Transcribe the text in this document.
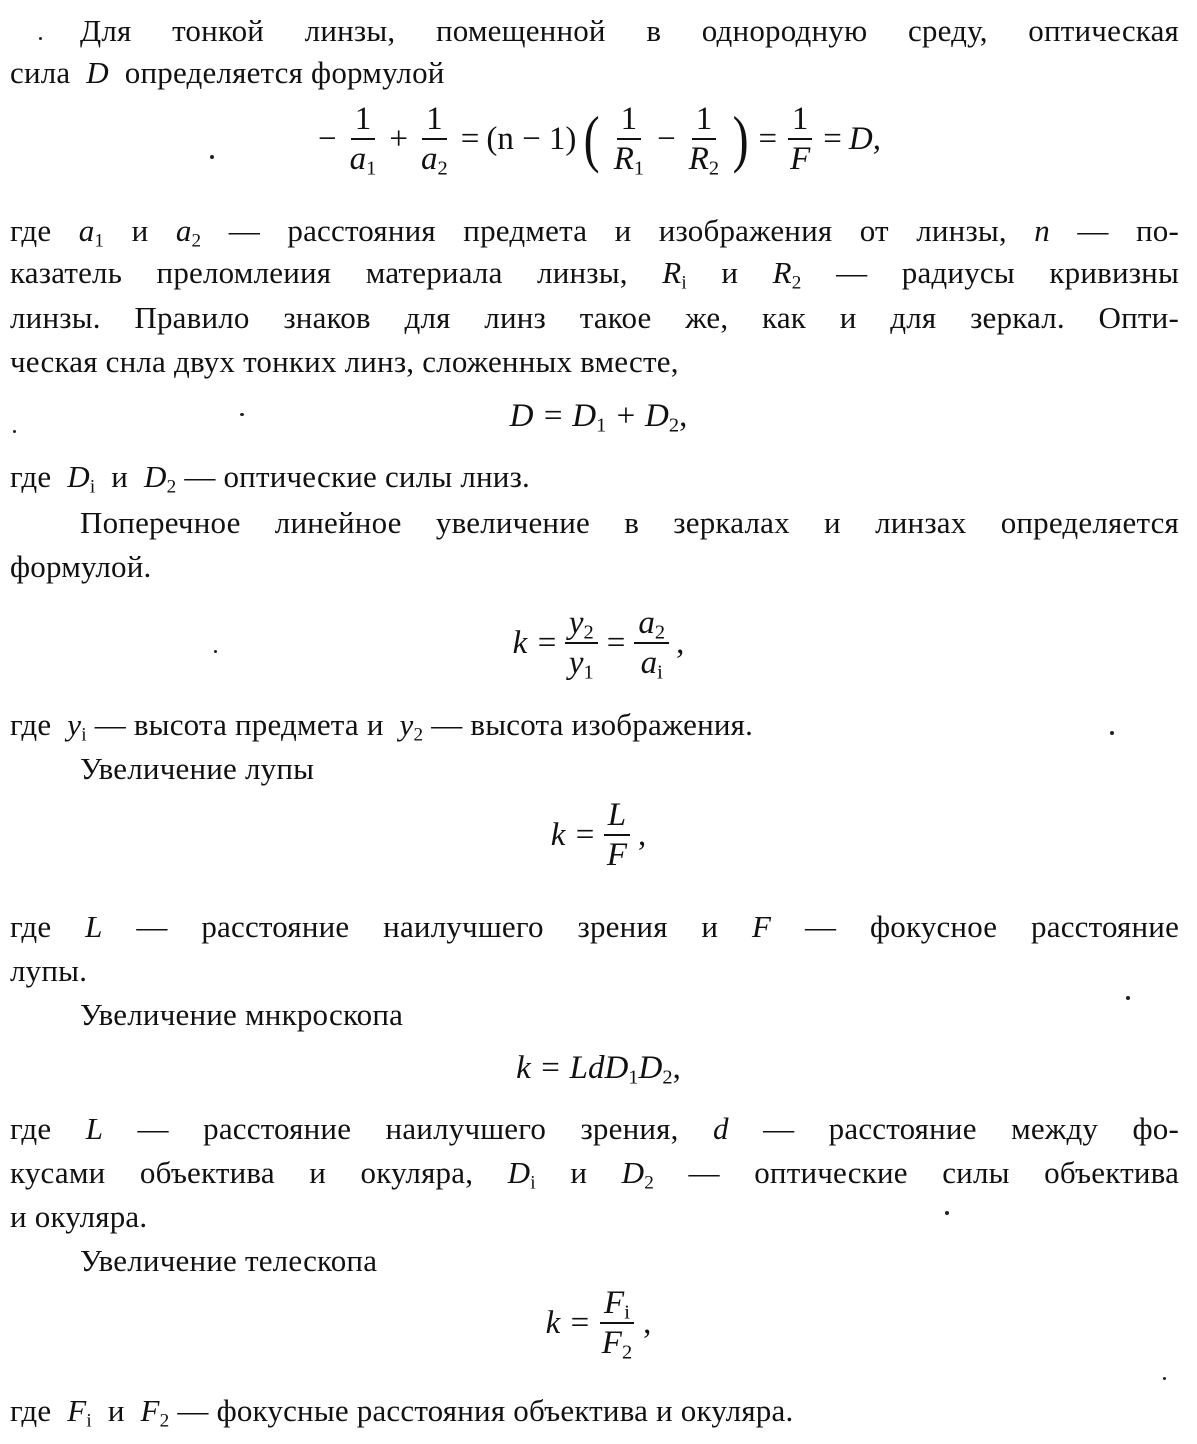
Для тонкой линзы, помещенной в однородную среду, оптическая
сила D определяется формулой
− $\frac{1}{a_1} + \frac{1}{a_2} = (n - 1)$ ( $\frac{1}{R_1} - \frac{1}{R_2}$ ) = $\frac{1}{F} = D$,
где $a_1$ и $a_2$ — расстояния предмета и изображения от линзы, n — по-
казатель преломлеиия материала линзы, $R_i$ и $R_2$ — радиусы кривизны
линзы. Правило знаков для линз такое же, как и для зеркал. Опти-
ческая снла двух тонких линз, сложенных вместе,
$D = D_1 + D_2$,
где $D_i$ и $D_2$ — оптические силы лниз.
Поперечное линейное увеличение в зеркалах и линзах определяется
формулой.
$k = \frac{y_2}{y_1} = \frac{a_2}{a_i}$ ,
где $y_i$ — высота предмета и $y_2$ — высота изображения.
Увеличение лупы
$k = \frac{L}{F}$ ,
где L — расстояние наилучшего зрения и F — фокусное расстояние
лупы.
Увеличение мнкроскопа
$k = LdD_1D_2$,
где L — расстояние наилучшего зрения, d — расстояние между фо-
кусами объектива и окуляра, $D_i$ и $D_2$ — оптические силы объектива
и окуляра.
Увеличение телескопа
$k = \frac{F_i}{F_2}$ ,
где $F_i$ и $F_2$ — фокусные расстояния объектива и окуляра.
